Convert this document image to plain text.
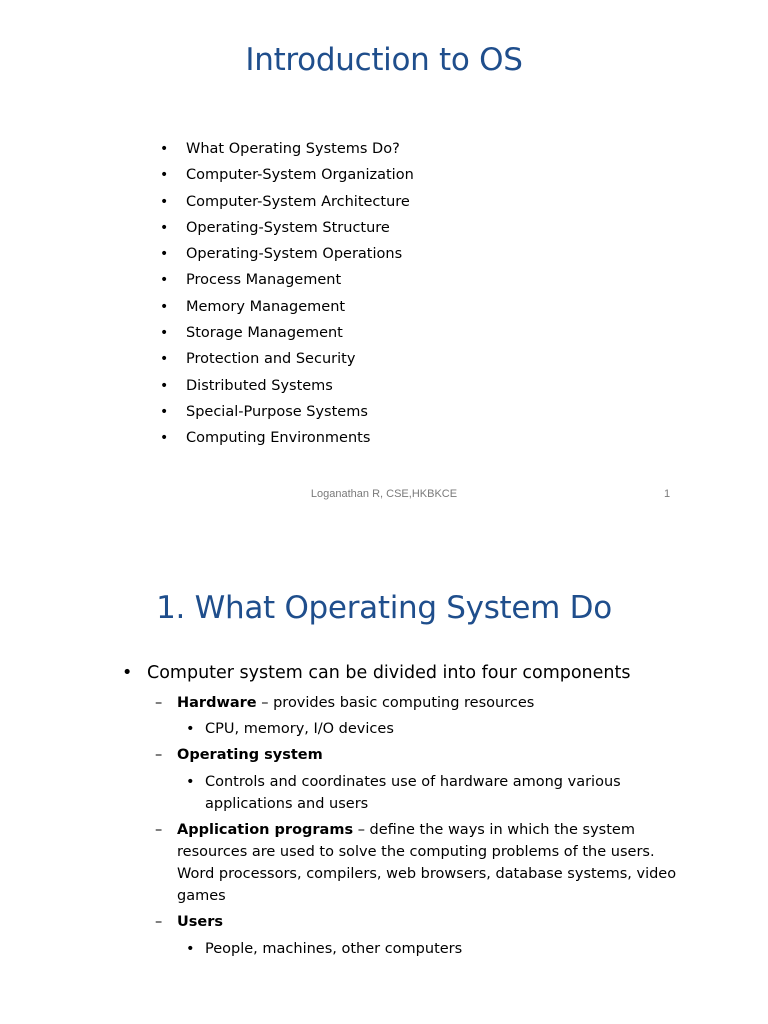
Introduction to OS
•	What Operating Systems Do?
•	Computer-System Organization
•	Computer-System Architecture
•	Operating-System Structure
•	Operating-System Operations
•	Process Management
•	Memory Management
•	Storage Management
•	Protection and Security
•	Distributed Systems
•	Special-Purpose Systems
•	Computing Environments
Loganathan R, CSE,HKBKCE	1
1. What Operating System Do
• Computer system can be divided into four components
–	Hardware – provides basic computing resources
• CPU, memory, I/O devices
–	Operating system
• Controls and coordinates use of hardware among various
applications and users
–	Application programs – define the ways in which the system
resources are used to solve the computing problems of the users.
Word processors, compilers, web browsers, database systems, video
games
–	Users
• People, machines, other computers
